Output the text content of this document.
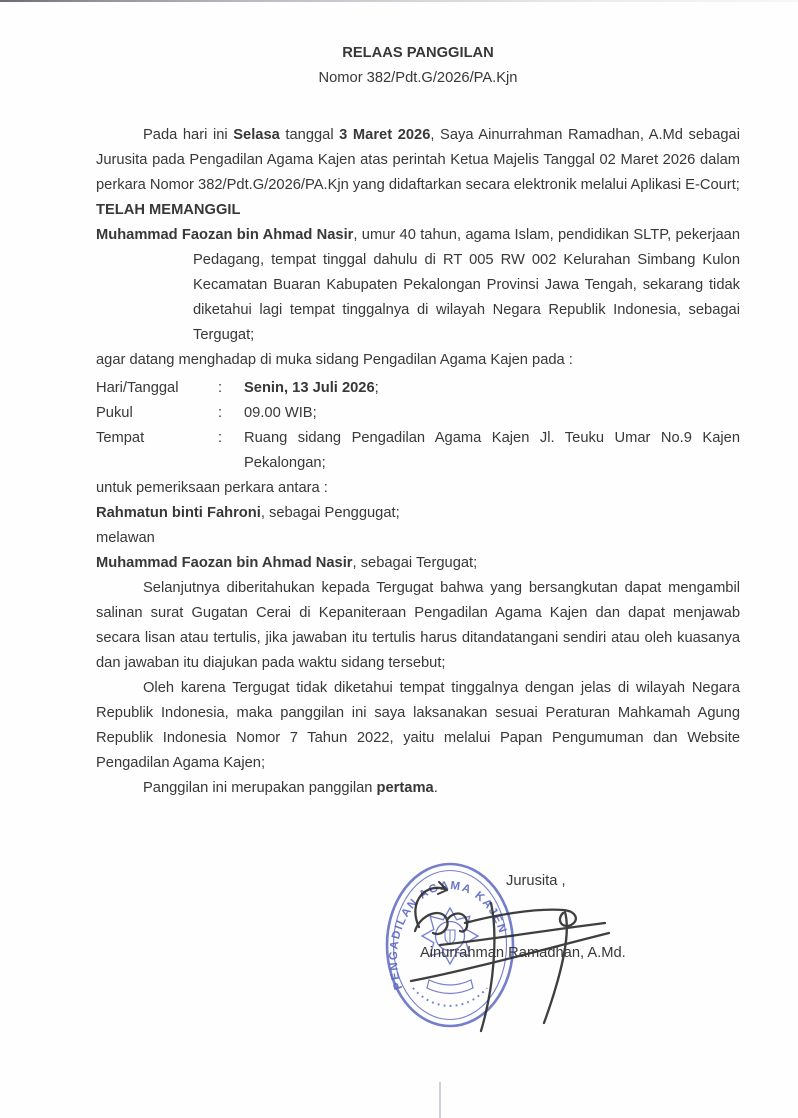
RELAAS PANGGILAN

Nomor 382/Pdt.G/2026/PA.Kjn

Pada hari ini Selasa tanggal 3 Maret 2026, Saya Ainurrahman Ramadhan, A.Md sebagai Jurusita pada Pengadilan Agama Kajen atas perintah Ketua Majelis Tanggal 02 Maret 2026 dalam perkara Nomor 382/Pdt.G/2026/PA.Kjn yang didaftarkan secara elektronik melalui Aplikasi E-Court;

TELAH MEMANGGIL

Muhammad Faozan bin Ahmad Nasir, umur 40 tahun, agama Islam, pendidikan SLTP, pekerjaan Pedagang, tempat tinggal dahulu di RT 005 RW 002 Kelurahan Simbang Kulon Kecamatan Buaran Kabupaten Pekalongan Provinsi Jawa Tengah, sekarang tidak diketahui lagi tempat tinggalnya di wilayah Negara Republik Indonesia, sebagai Tergugat;

agar datang menghadap di muka sidang Pengadilan Agama Kajen pada :

Hari/Tanggal	:	Senin, 13 Juli 2026;
Pukul	:	09.00 WIB;
Tempat	:	Ruang sidang Pengadilan Agama Kajen Jl. Teuku Umar No.9 Kajen Pekalongan;

untuk pemeriksaan perkara antara :

Rahmatun binti Fahroni, sebagai Penggugat;

melawan

Muhammad Faozan bin Ahmad Nasir, sebagai Tergugat;

Selanjutnya diberitahukan kepada Tergugat bahwa yang bersangkutan dapat mengambil salinan surat Gugatan Cerai di Kepaniteraan Pengadilan Agama Kajen dan dapat menjawab secara lisan atau tertulis, jika jawaban itu tertulis harus ditandatangani sendiri atau oleh kuasanya dan jawaban itu diajukan pada waktu sidang tersebut;

Oleh karena Tergugat tidak diketahui tempat tinggalnya dengan jelas di wilayah Negara Republik Indonesia, maka panggilan ini saya laksanakan sesuai Peraturan Mahkamah Agung Republik Indonesia Nomor 7 Tahun 2022, yaitu melalui Papan Pengumuman dan Website Pengadilan Agama Kajen;

Panggilan ini merupakan panggilan pertama.

PENGADILAN AGAMA KAJEN
Jurusita ,
Ainurrahman Ramadhan, A.Md.
